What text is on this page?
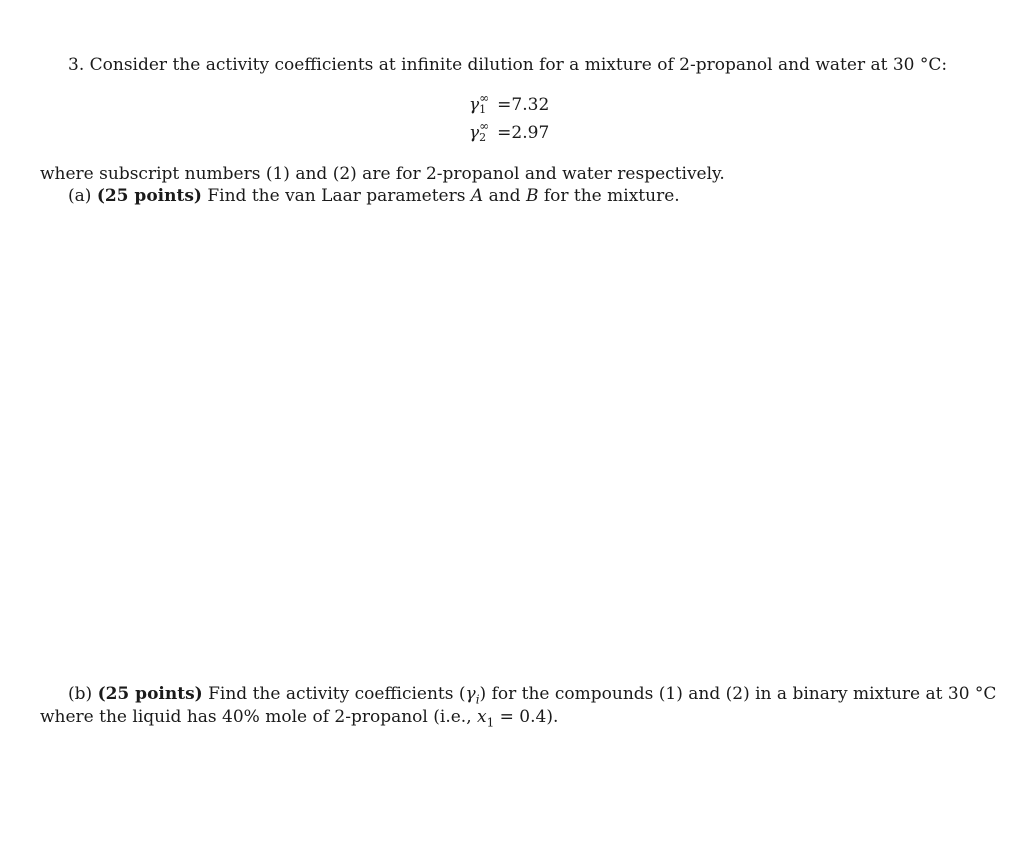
3. Consider the activity coefficients at infinite dilution for a mixture of 2-propanol and water at 30 °C:
γ ∞
1 =7.32
γ ∞
2 =2.97
where subscript numbers (1) and (2) are for 2-propanol and water respectively.
(a) (25 points) Find the van Laar parameters A and B for the mixture.
(b) (25 points) Find the activity coefficients $(\gamma_i)$ for the compounds (1) and (2) in a binary mixture at 30 °C
where the liquid has 40% mole of 2-propanol (i.e., $x_1 = 0.4$).
